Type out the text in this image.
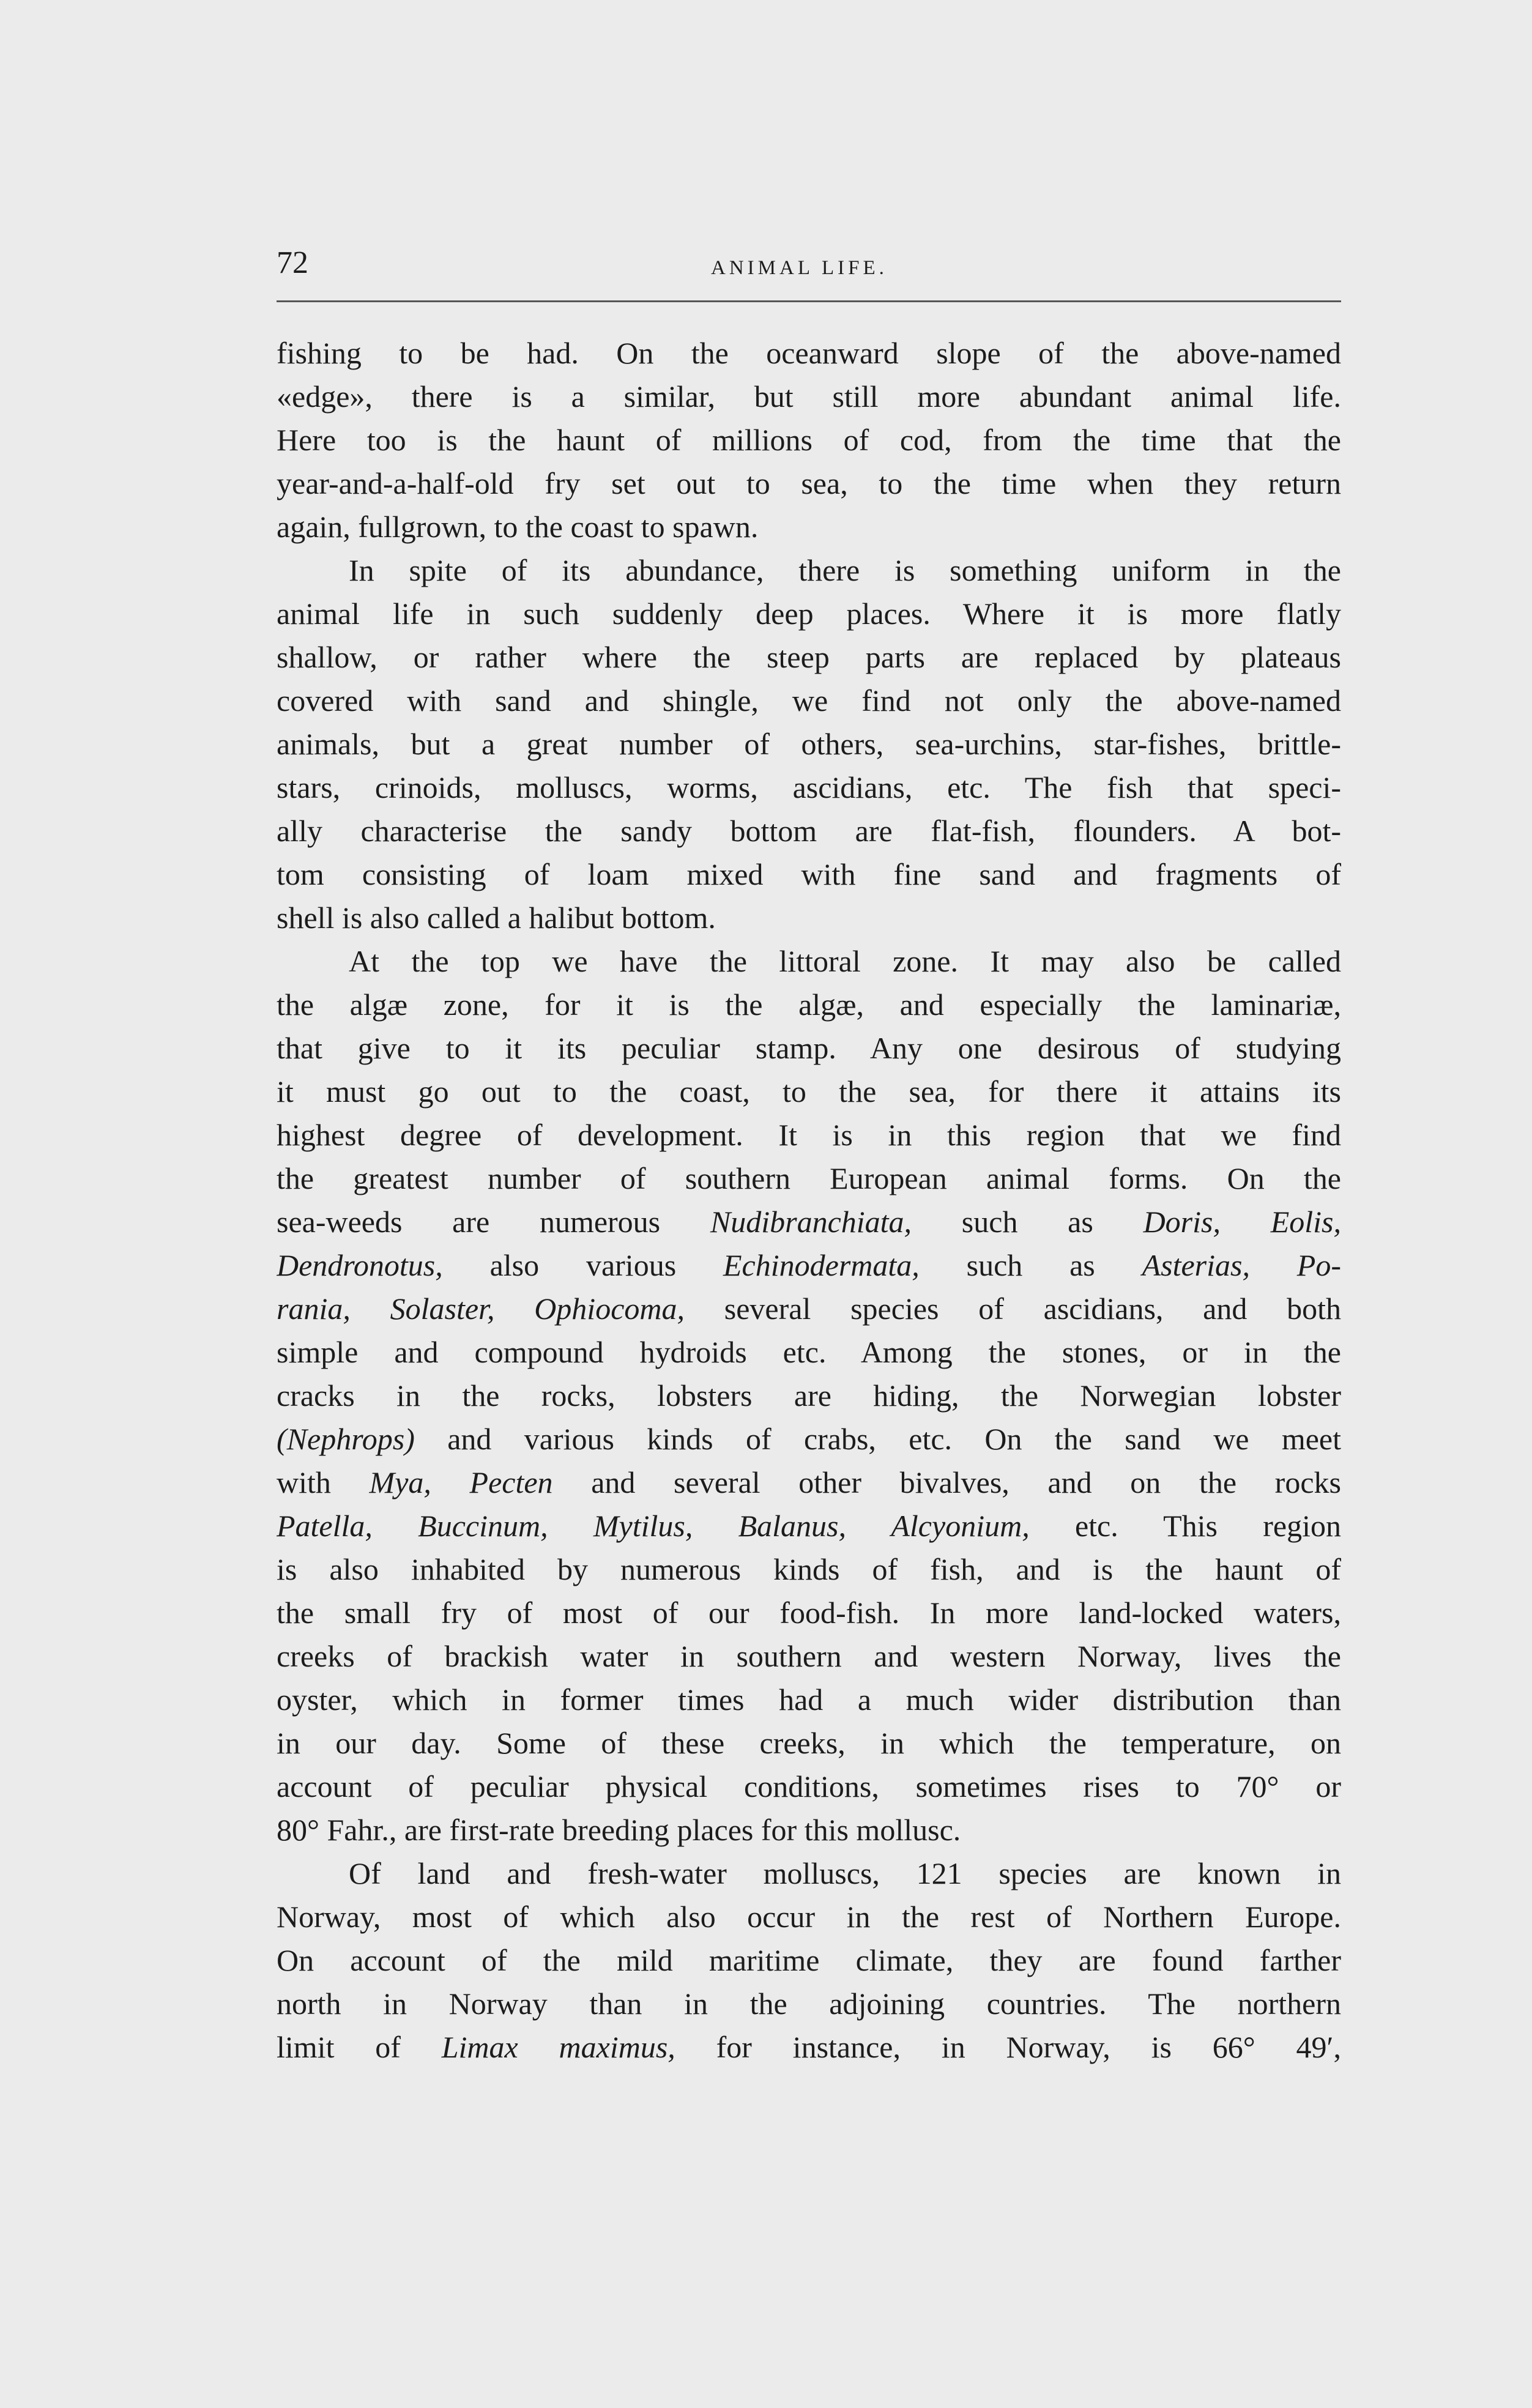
72	ANIMAL LIFE.
fishing to be had. On the oceanward slope of the above-named
«edge», there is a similar, but still more abundant animal life.
Here too is the haunt of millions of cod, from the time that the
year-and-a-half-old fry set out to sea, to the time when they return
again, fullgrown, to the coast to spawn.
In spite of its abundance, there is something uniform in the
animal life in such suddenly deep places. Where it is more flatly
shallow, or rather where the steep parts are replaced by plateaus
covered with sand and shingle, we find not only the above-named
animals, but a great number of others, sea-urchins, star-fishes, brittle-
stars, crinoids, molluscs, worms, ascidians, etc. The fish that speci-
ally characterise the sandy bottom are flat-fish, flounders. A bot-
tom consisting of loam mixed with fine sand and fragments of
shell is also called a halibut bottom.
At the top we have the littoral zone. It may also be called
the algæ zone, for it is the algæ, and especially the laminariæ,
that give to it its peculiar stamp. Any one desirous of studying
it must go out to the coast, to the sea, for there it attains its
highest degree of development. It is in this region that we find
the greatest number of southern European animal forms. On the
sea-weeds are numerous Nudibranchiata, such as Doris, Eolis,
Dendronotus, also various Echinodermata, such as Asterias, Po-
rania, Solaster, Ophiocoma, several species of ascidians, and both
simple and compound hydroids etc. Among the stones, or in the
cracks in the rocks, lobsters are hiding, the Norwegian lobster
(Nephrops) and various kinds of crabs, etc. On the sand we meet
with Mya, Pecten and several other bivalves, and on the rocks
Patella, Buccinum, Mytilus, Balanus, Alcyonium, etc. This region
is also inhabited by numerous kinds of fish, and is the haunt of
the small fry of most of our food-fish. In more land-locked waters,
creeks of brackish water in southern and western Norway, lives the
oyster, which in former times had a much wider distribution than
in our day. Some of these creeks, in which the temperature, on
account of peculiar physical conditions, sometimes rises to 70° or
80° Fahr., are first-rate breeding places for this mollusc.
Of land and fresh-water molluscs, 121 species are known in
Norway, most of which also occur in the rest of Northern Europe.
On account of the mild maritime climate, they are found farther
north in Norway than in the adjoining countries. The northern
limit of Limax maximus, for instance, in Norway, is 66° 49′,
